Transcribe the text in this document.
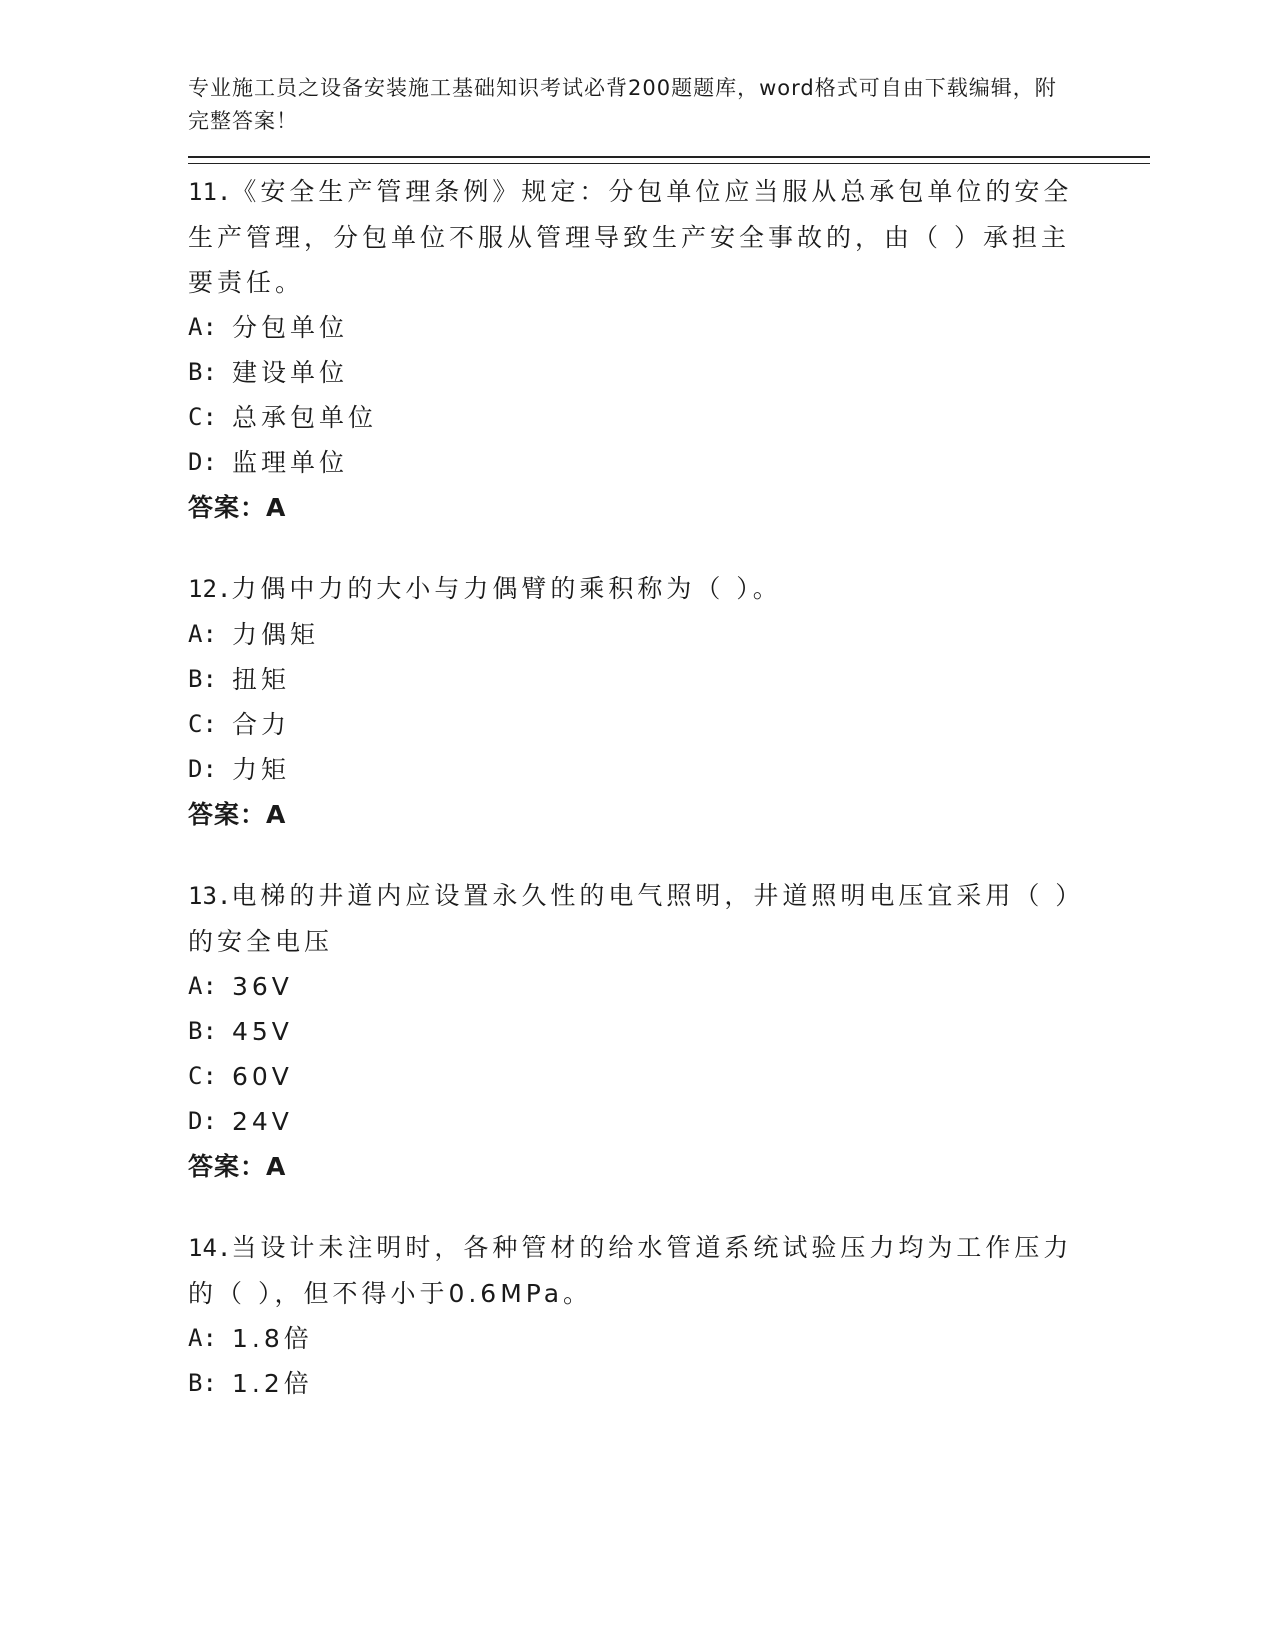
专业施工员之设备安装施工基础知识考试必背200题题库，word格式可自由下载编辑，附完整答案！

11.《安全生产管理条例》规定：分包单位应当服从总承包单位的安全生产管理，分包单位不服从管理导致生产安全事故的，由（ ）承担主要责任。

A: 分包单位
B: 建设单位
C: 总承包单位
D: 监理单位
答案：A

12.力偶中力的大小与力偶臂的乘积称为（ ）。

A: 力偶矩
B: 扭矩
C: 合力
D: 力矩
答案：A

13.电梯的井道内应设置永久性的电气照明，井道照明电压宜采用（ ）的安全电压

A: 36V
B: 45V
C: 60V
D: 24V
答案：A

14.当设计未注明时，各种管材的给水管道系统试验压力均为工作压力的（ ），但不得小于0.6MPa。

A: 1.8倍
B: 1.2倍
